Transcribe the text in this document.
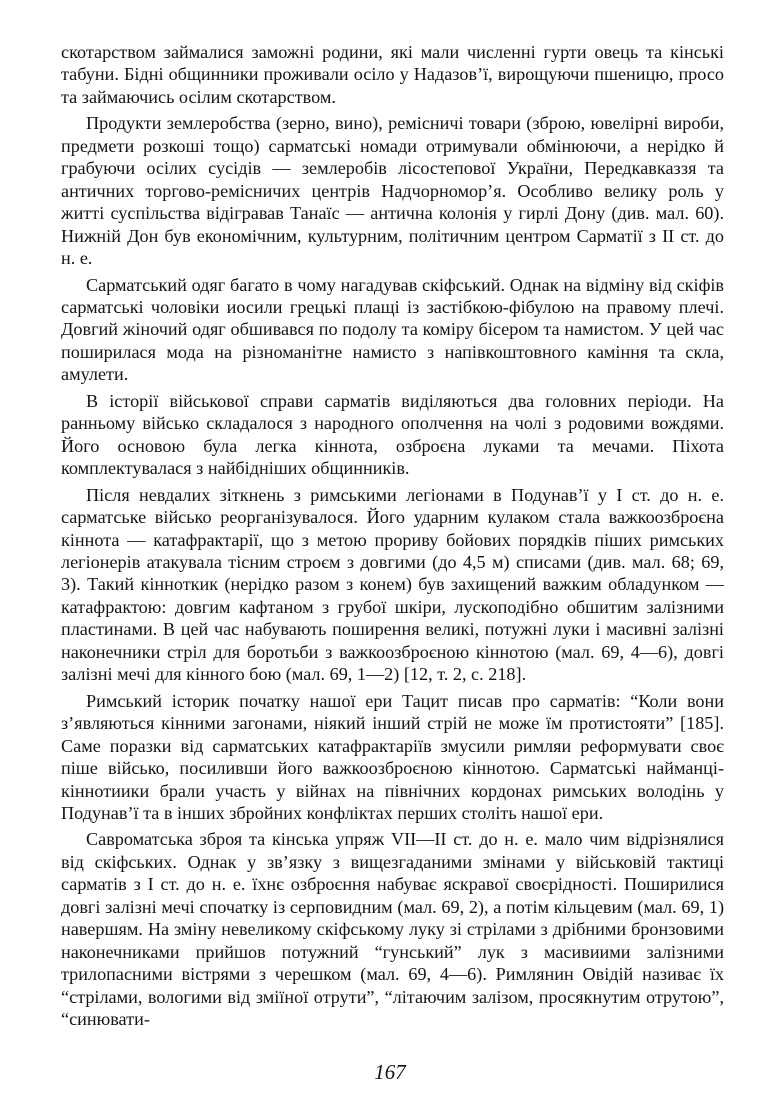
скотарством займалися заможні родини, які мали численні гурти овець та кінські табуни. Бідні общинники проживали осіло у Надазов’ї, вирощуючи пшеницю, просо та займаючись осілим скотарством.

Продукти землеробства (зерно, вино), ремісничі товари (зброю, ювелірні вироби, предмети розкоші тощо) сарматські номади отримували обмінюючи, а нерідко й грабуючи осілих сусідів — землеробів лісостепової України, Передкавказзя та античних торгово-ремісничих центрів Надчорномор’я. Особливо велику роль у житті суспільства відігравав Танаїс — антична колонія у гирлі Дону (див. мал. 60). Нижній Дон був економічним, культурним, політичним центром Сарматії з II ст. до н. е.

Сарматський одяг багато в чому нагадував скіфський. Однак на відміну від скіфів сарматські чоловіки иосили грецькі плащі із застібкою-фібулою на правому плечі. Довгий жіночий одяг обшивався по подолу та коміру бісером та намистом. У цей час поширилася мода на різноманітне намисто з напівкоштовного каміння та скла, амулети.

В історії військової справи сарматів виділяються два головних періоди. На ранньому військо складалося з народного ополчення на чолі з родовими вождями. Його основою була легка кіннота, озброєна луками та мечами. Піхота комплектувалася з найбідніших общинників.

Після невдалих зіткнень з римськими легіонами в Подунав’ї у I ст. до н. е. сарматське військо реорганізувалося. Його ударним кулаком стала важкоозброєна кіннота — катафрактарії, що з метою прориву бойових порядків піших римських легіонерів атакувала тісним строєм з довгими (до 4,5 м) списами (див. мал. 68; 69, 3). Такий кінноткик (нерідко разом з конем) був захищений важким обладунком — катафрактою: довгим кафтаном з грубої шкіри, лускоподібно обшитим залізними пластинами. В цей час набувають поширення великі, потужні луки і масивні залізні наконечники стріл для боротьби з важкоозброєною кіннотою (мал. 69, 4—6), довгі залізні мечі для кінного бою (мал. 69, 1—2) [12, т. 2, с. 218].

Римський історик початку нашої ери Тацит писав про сарматів: “Коли вони з’являються кінними загонами, ніякий інший стрій не може їм протистояти” [185]. Саме поразки від сарматських катафрактаріїв змусили римляи реформувати своє піше військо, посиливши його важкоозброєною кіннотою. Сарматські найманці-кіннотиики брали участь у війнах на північних кордонах римських володінь у Подунав’ї та в інших збройних конфліктах перших століть нашої ери.

Савроматська зброя та кінська упряж VII—II ст. до н. е. мало чим відрізнялися від скіфських. Однак у зв’язку з вищезгаданими змінами у військовій тактиці сарматів з I ст. до н. е. їхнє озброєння набуває яскравої своєрідності. Поширилися довгі залізні мечі спочатку із серповидним (мал. 69, 2), а потім кільцевим (мал. 69, 1) навершям. На зміну невеликому скіфському луку зі стрілами з дрібними бронзовими наконечниками прийшов потужний “гунський” лук з масивиими залізними трилопасними вістрями з черешком (мал. 69, 4—6). Римлянин Овідій називає їх “стрілами, вологими від зміїної отрути”, “літаючим залізом, просякнутим отрутою”, “синювати-

167
